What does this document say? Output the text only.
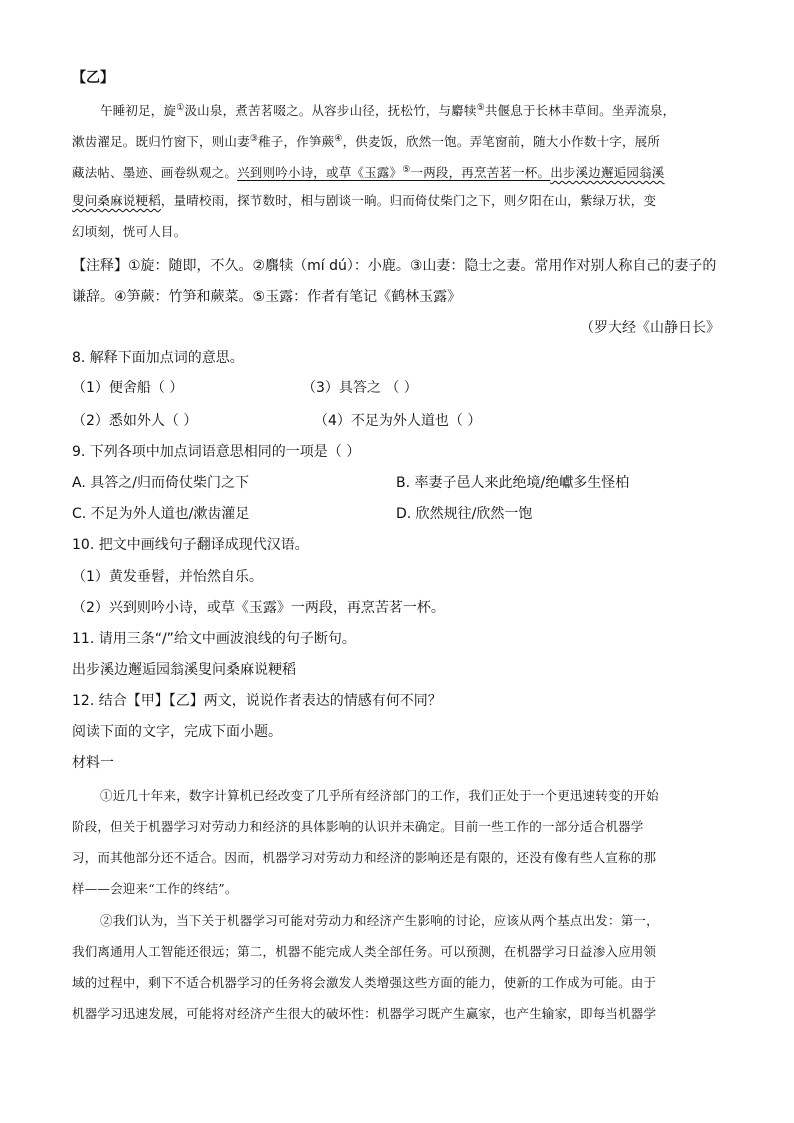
【乙】
午睡初足，旋①汲山泉，煮苦茗啜之。从容步山径，抚松竹，与麝犊⑤共偃息于长林丰草间。坐弄流泉，
漱齿濯足。既归竹窗下，则山妻③稚子，作笋蕨④，供麦饭，欣然一饱。弄笔窗前，随大小作数十字，展所
藏法帖、墨迹、画卷纵观之。兴到则吟小诗，或草《玉露》⑤一两段，再烹苦茗一杯。出步溪边邂逅园翁溪
叟问桑麻说粳稻，量晴校雨，探节数时，相与剧谈一晌。归而倚仗柴门之下，则夕阳在山，紫绿万状，变
幻顷刻，恍可人目。
【注释】①旋：随即，不久。②麛犊（mí dú）：小鹿。③山妻：隐士之妻。常用作对别人称自己的妻子的
谦辞。④笋蕨：竹笋和蕨菜。⑤玉露：作者有笔记《鹤林玉露》
（罗大经《山静日长》
8. 解释下面加点词的意思。
（1）便舍船（ ）	（3）具答之 （ ）
（2）悉如外人（ ）	（4）不足为外人道也（ ）
9. 下列各项中加点词语意思相同的一项是（ ）
A. 具答之/归而倚仗柴门之下	B. 率妻子邑人来此绝境/绝巘多生怪柏
C. 不足为外人道也/漱齿灌足	D. 欣然规往/欣然一饱
10. 把文中画线句子翻译成现代汉语。
（1）黄发垂髫，并怡然自乐。
（2）兴到则吟小诗，或草《玉露》一两段，再烹苦茗一杯。
11. 请用三条“/”给文中画波浪线的句子断句。
出步溪边邂逅园翁溪叟问桑麻说粳稻
12. 结合【甲】【乙】两文，说说作者表达的情感有何不同？
阅读下面的文字，完成下面小题。
材料一
①近几十年来，数字计算机已经改变了几乎所有经济部门的工作，我们正处于一个更迅速转变的开始
阶段，但关于机器学习对劳动力和经济的具体影响的认识并未确定。目前一些工作的一部分适合机器学
习，而其他部分还不适合。因而，机器学习对劳动力和经济的影响还是有限的，还没有像有些人宣称的那
样——会迎来“工作的终结”。
②我们认为，当下关于机器学习可能对劳动力和经济产生影响的讨论，应该从两个基点出发：第一，
我们离通用人工智能还很远；第二，机器不能完成人类全部任务。可以预测，在机器学习日益渗入应用领
域的过程中，剩下不适合机器学习的任务将会激发人类增强这些方面的能力，使新的工作成为可能。由于
机器学习迅速发展，可能将对经济产生很大的破坏性：机器学习既产生赢家，也产生输家，即每当机器学
